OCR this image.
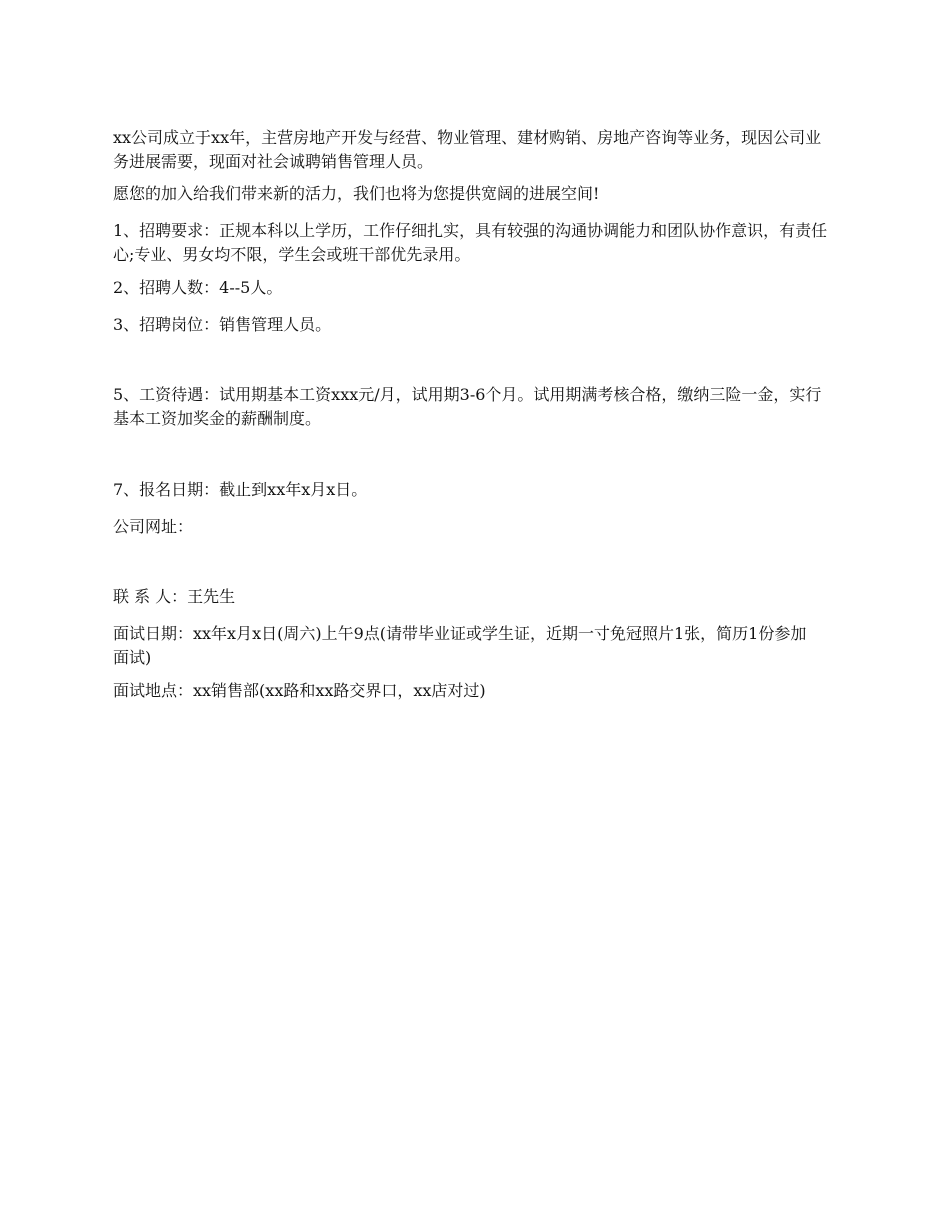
xx公司成立于xx年，主营房地产开发与经营、物业管理、建材购销、房地产咨询等业务，现因公司业务进展需要，现面对社会诚聘销售管理人员。

愿您的加入给我们带来新的活力，我们也将为您提供宽阔的进展空间!

1、招聘要求：正规本科以上学历，工作仔细扎实，具有较强的沟通协调能力和团队协作意识，有责任心;专业、男女均不限，学生会或班干部优先录用。

2、招聘人数：4--5人。

3、招聘岗位：销售管理人员。

5、工资待遇：试用期基本工资xxx元/月，试用期3-6个月。试用期满考核合格，缴纳三险一金，实行基本工资加奖金的薪酬制度。

7、报名日期：截止到xx年x月x日。

公司网址：

联 系 人：王先生

面试日期：xx年x月x日(周六)上午9点(请带毕业证或学生证，近期一寸免冠照片1张，简历1份参加面试)

面试地点：xx销售部(xx路和xx路交界口，xx店对过)
